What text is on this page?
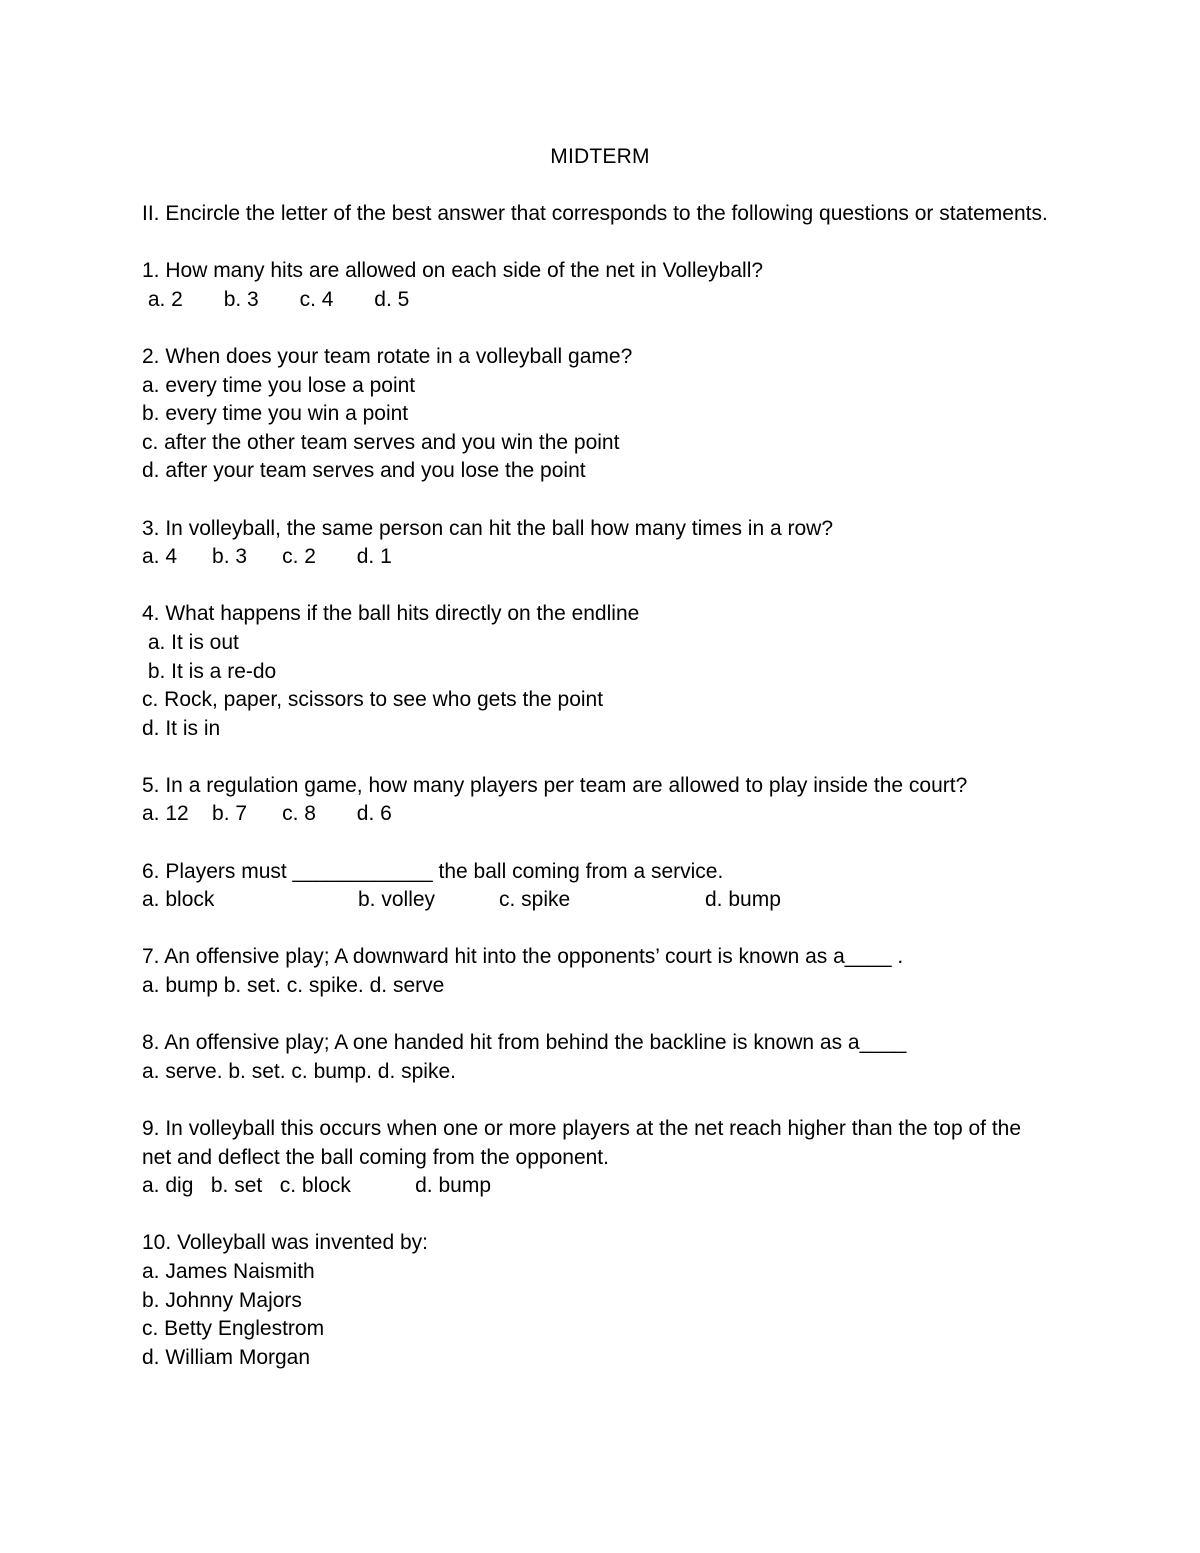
MIDTERM
II. Encircle the letter of the best answer that corresponds to the following questions or statements.
1. How many hits are allowed on each side of the net in Volleyball?
a. 2       b. 3       c. 4       d. 5
2. When does your team rotate in a volleyball game?
a. every time you lose a point
b. every time you win a point
c. after the other team serves and you win the point
d. after your team serves and you lose the point
3. In volleyball, the same person can hit the ball how many times in a row?
a. 4      b. 3      c. 2       d. 1
4. What happens if the ball hits directly on the endline
a. It is out
b. It is a re-do
c. Rock, paper, scissors to see who gets the point
d. It is in
5. In a regulation game, how many players per team are allowed to play inside the court?
a. 12    b. 7      c. 8       d. 6
6. Players must ____________ the ball coming from a service.
a. block	b. volley	c. spike	d. bump
7. An offensive play; A downward hit into the opponents’ court is known as a____ .
a. bump b. set. c. spike. d. serve
8. An offensive play; A one handed hit from behind the backline is known as a____
a. serve. b. set. c. bump. d. spike.
9. In volleyball this occurs when one or more players at the net reach higher than the top of the
net and deflect the ball coming from the opponent.
a. dig   b. set   c. block           d. bump
10. Volleyball was invented by:
a. James Naismith
b. Johnny Majors
c. Betty Englestrom
d. William Morgan
